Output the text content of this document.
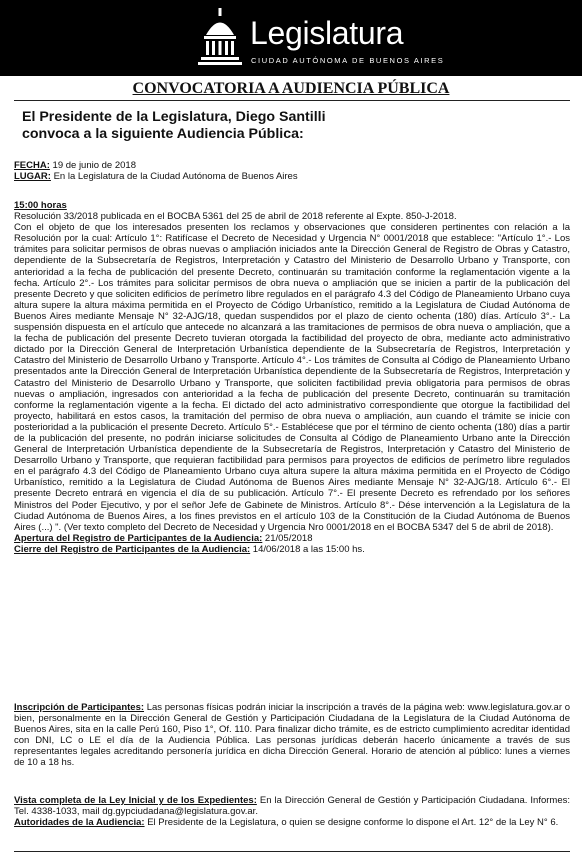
Legislatura
CIUDAD AUTÓNOMA DE BUENOS AIRES
CONVOCATORIA A AUDIENCIA PÚBLICA
El Presidente de la Legislatura, Diego Santilli
convoca a la siguiente Audiencia Pública:
FECHA: 19 de junio de 2018
LUGAR: En la Legislatura de la Ciudad Autónoma de Buenos Aires
15:00 horas
Resolución 33/2018 publicada en el BOCBA 5361 del 25 de abril de 2018 referente al Expte. 850-J-2018.

Con el objeto de que los interesados presenten los reclamos y observaciones que consideren pertinentes con relación a la Resolución por la cual: Artículo 1°: Ratifícase el Decreto de Necesidad y Urgencia N° 0001/2018 que establece: "Artículo 1°.- Los trámites para solicitar permisos de obras nuevas o ampliación iniciados ante la Dirección General de Registro de Obras y Catastro, dependiente de la Subsecretaría de Registros, Interpretación y Catastro del Ministerio de Desarrollo Urbano y Transporte, con anterioridad a la fecha de publicación del presente Decreto, continuarán su tramitación conforme la reglamentación vigente a la fecha. Artículo 2°.- Los trámites para solicitar permisos de obra nueva o ampliación que se inicien a partir de la publicación del presente Decreto y que soliciten edificios de perímetro libre regulados en el parágrafo 4.3 del Código de Planeamiento Urbano cuya altura supere la altura máxima permitida en el Proyecto de Código Urbanístico, remitido a la Legislatura de Ciudad Autónoma de Buenos Aires mediante Mensaje N° 32-AJG/18, quedan suspendidos por el plazo de ciento ochenta (180) días. Artículo 3°.- La suspensión dispuesta en el artículo que antecede no alcanzará a las tramitaciones de permisos de obra nueva o ampliación, que a la fecha de publicación del presente Decreto tuvieran otorgada la factibilidad del proyecto de obra, mediante acto administrativo dictado por la Dirección General de Interpretación Urbanística dependiente de la Subsecretaría de Registros, Interpretación y Catastro del Ministerio de Desarrollo Urbano y Transporte. Artículo 4°.- Los trámites de Consulta al Código de Planeamiento Urbano presentados ante la Dirección General de Interpretación Urbanística dependiente de la Subsecretaría de Registros, Interpretación y Catastro del Ministerio de Desarrollo Urbano y Transporte, que soliciten factibilidad previa obligatoria para permisos de obras nuevas o ampliación, ingresados con anterioridad a la fecha de publicación del presente Decreto, continuarán su tramitación conforme la reglamentación vigente a la fecha. El dictado del acto administrativo correspondiente que otorgue la factibilidad del proyecto, habilitará en estos casos, la tramitación del permiso de obra nueva o ampliación, aun cuando el trámite se inicie con posterioridad a la publicación el presente Decreto. Artículo 5°.- Establécese que por el término de ciento ochenta (180) días a partir de la publicación del presente, no podrán iniciarse solicitudes de Consulta al Código de Planeamiento Urbano ante la Dirección General de Interpretación Urbanística dependiente de la Subsecretaría de Registros, Interpretación y Catastro del Ministerio de Desarrollo Urbano y Transporte, que requieran factibilidad para permisos para proyectos de edificios de perímetro libre regulados en el parágrafo 4.3 del Código de Planeamiento Urbano cuya altura supere la altura máxima permitida en el Proyecto de Código Urbanístico, remitido a la Legislatura de Ciudad Autónoma de Buenos Aires mediante Mensaje N° 32-AJG/18. Artículo 6°.- El presente Decreto entrará en vigencia el día de su publicación. Artículo 7°.- El presente Decreto es refrendado por los señores Ministros del Poder Ejecutivo, y por el señor Jefe de Gabinete de Ministros. Artículo 8°.- Dése intervención a la Legislatura de la Ciudad Autónoma de Buenos Aires, a los fines previstos en el artículo 103 de la Constitución de la Ciudad Autónoma de Buenos Aires (...) ". (Ver texto completo del Decreto de Necesidad y Urgencia Nro 0001/2018 en el BOCBA 5347 del 5 de abril de 2018).

Apertura del Registro de Participantes de la Audiencia: 21/05/2018
Cierre del Registro de Participantes de la Audiencia: 14/06/2018 a las 15:00 hs.

Inscripción de Participantes: Las personas físicas podrán iniciar la inscripción a través de la página web: www.legislatura.gov.ar o bien, personalmente en la Dirección General de Gestión y Participación Ciudadana de la Legislatura de la Ciudad Autónoma de Buenos Aires, sita en la calle Perú 160, Piso 1°, Of. 110. Para finalizar dicho trámite, es de estricto cumplimiento acreditar identidad con DNI, LC o LE el día de la Audiencia Pública. Las personas jurídicas deberán hacerlo únicamente a través de sus representantes legales acreditando personería jurídica en dicha Dirección General. Horario de atención al público: lunes a viernes de 10 a 18 hs.

Vista completa de la Ley Inicial y de los Expedientes: En la Dirección General de Gestión y Participación Ciudadana. Informes: Tel. 4338-1033, mail dg.gypciudadana@legislatura.gov.ar.

Autoridades de la Audiencia: El Presidente de la Legislatura, o quien se designe conforme lo dispone el Art. 12° de la Ley N° 6.
